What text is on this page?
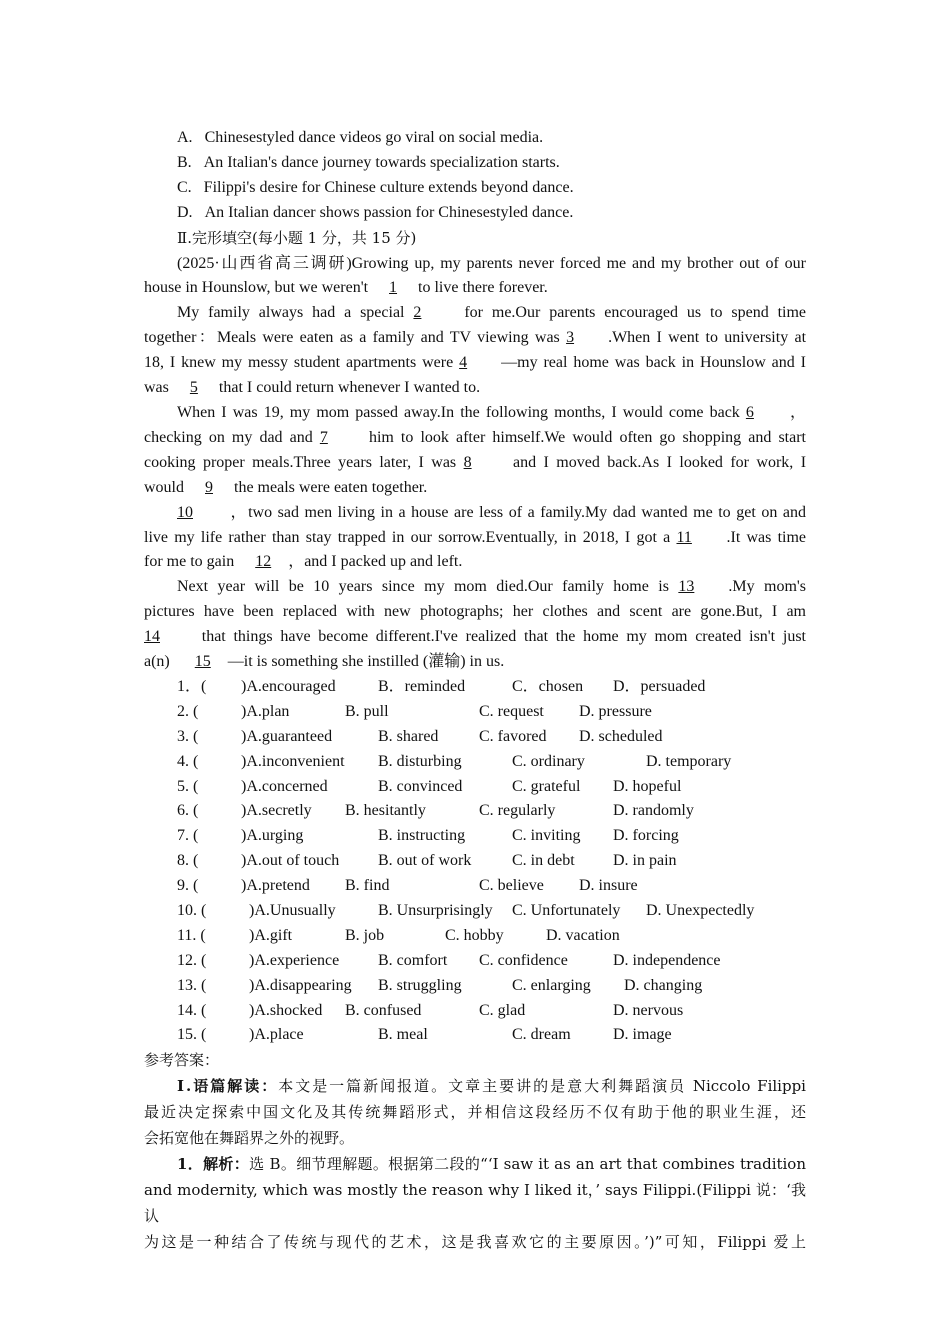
A. Chinesestyled dance videos go viral on social media.
B. An Italian's dance journey towards specialization starts.
C. Filippi's desire for Chinese culture extends beyond dance.
D. An Italian dancer shows passion for Chinesestyled dance.
Ⅱ.完形填空(每小题 1 分，共 15 分)
(2025·山西省高三调研)Growing up, my parents never forced me and my brother out of our
house in Hounslow, but we weren't 1 to live there forever.
My family always had a special 2	for me.Our parents encouraged us to spend time
together：Meals were eaten as a family and TV viewing was 3 .When I went to university at
18, I knew my messy student apartments were 4 —my real home was back in Hounslow and I
was 5 that I could return whenever I wanted to.
When I was 19, my mom passed away.In the following months, I would come back 6 ，
checking on my dad and 7	him to look after himself.We would often go shopping and start
cooking proper meals.Three years later, I was 8	and I moved back.As I looked for work, I
would 9 the meals were eaten together.
10 ，two sad men living in a house are less of a family.My dad wanted me to get on and
live my life rather than stay trapped in our sorrow.Eventually, in 2018, I got a 11 .It was time
for me to gain 12 ，and I packed up and left.
Next year will be 10 years since my mom died.Our family home is 13 .My mom's
pictures have been replaced with new photographs; her clothes and scent are gone.But, I am
14	that things have become different.I've realized that the home my mom created isn't just
a(n) 15 —it is something she instilled (灌输) in us.
1．( )A.encouraged	B．reminded	C．chosen D．persuaded
2. (	)A.plan	B. pull	C. request D. pressure
3. (	)A.guaranteed	B. shared	C. favored D. scheduled
4. (	)A.inconvenient B. disturbing	C. ordinary	D. temporary
5. (	)A.concerned	B. convinced	C. grateful D. hopeful
6. (	)A.secretly B. hesitantly	C. regularly	D. randomly
7. (	)A.urging	B. instructing	C. inviting D. forcing
8. (	)A.out of touch B. out of work	C. in debt D. in pain
9. (	)A.pretend B. find	C. believe D. insure
10. (	)A.Unusually	B. Unsurprisingly C. Unfortunately D. Unexpectedly
11. (	)A.gift	B. job	C. hobby	D. vacation
12. (	)A.experience B. comfort C. confidence	D. independence
13. (	)A.disappearing B. struggling	C. enlarging D. changing
14. (	)A.shocked B. confused	C. glad	D. nervous
15. (	)A.place	B. meal	C. dream	D. image
参考答案：
Ⅰ.语篇解读：本文是一篇新闻报道。文章主要讲的是意大利舞蹈演员 Niccolo Filippi
最近决定探索中国文化及其传统舞蹈形式，并相信这段经历不仅有助于他的职业生涯，还
会拓宽他在舞蹈界之外的视野。
1．解析：选 B。细节理解题。根据第二段的“‘I saw it as an art that combines tradition
and modernity, which was mostly the reason why I liked it，’ says Filippi.(Filippi 说：‘我认
为这是一种结合了传统与现代的艺术，这是我喜欢它的主要原因。’)”可知，Filippi 爱上
